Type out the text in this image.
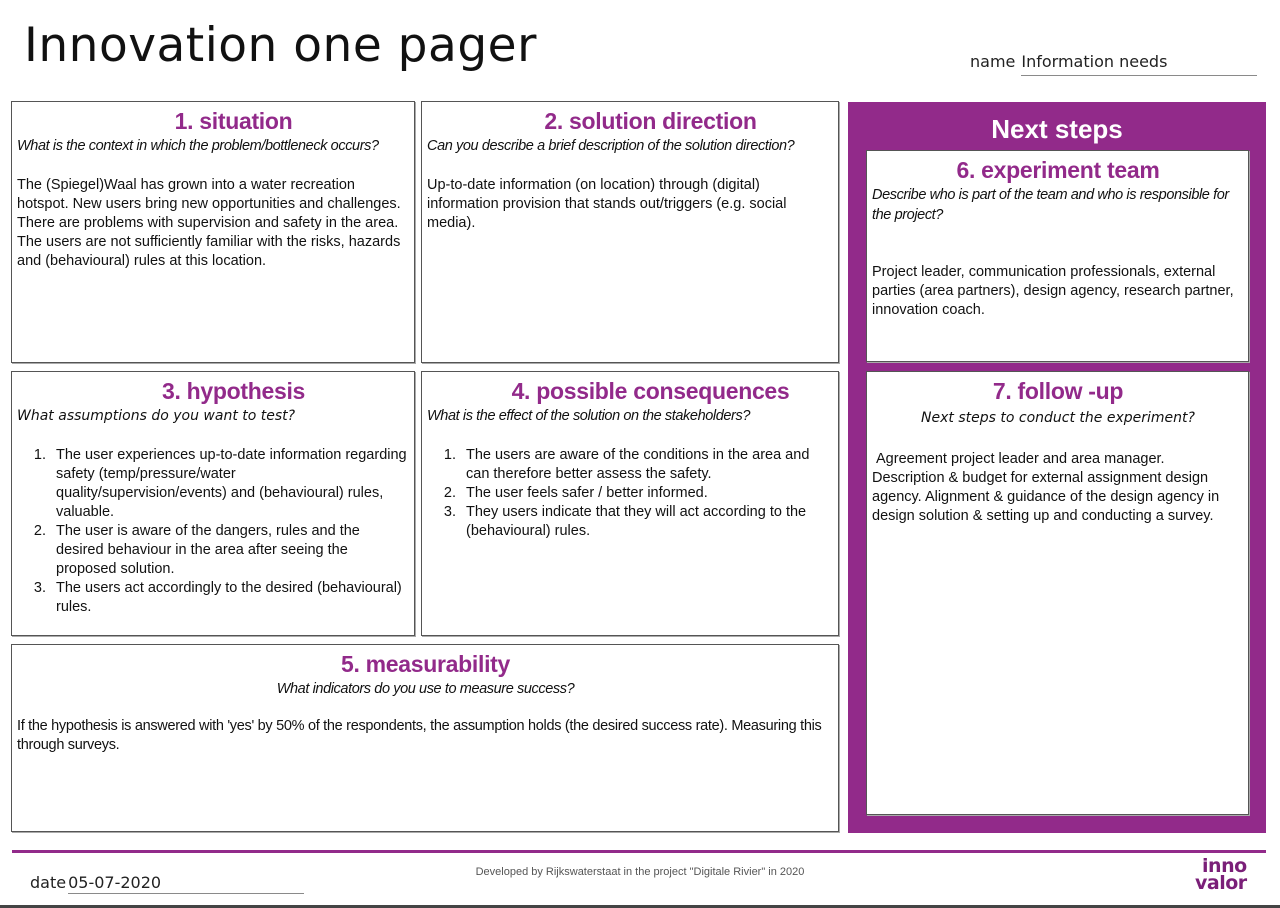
Innovation one pager	name Information needs
1. situation
What is the context in which the problem/bottleneck occurs?
The (Spiegel)Waal has grown into a water recreation hotspot. New users bring new opportunities and challenges. There are problems with supervision and safety in the area. The users are not sufficiently familiar with the risks, hazards and (behavioural) rules at this location.
2. solution direction
Can you describe a brief description of the solution direction?
Up-to-date information (on location) through (digital) information provision that stands out/triggers (e.g. social media).
3. hypothesis
What assumptions do you want to test?
1. The user experiences up-to-date information regarding safety (temp/pressure/water quality/supervision/events) and (behavioural) rules, valuable.
2. The user is aware of the dangers, rules and the desired behaviour in the area after seeing the proposed solution.
3. The users act accordingly to the desired (behavioural) rules.
4. possible consequences
What is the effect of the solution on the stakeholders?
1. The users are aware of the conditions in the area and can therefore better assess the safety.
2. The user feels safer / better informed.
3. They users indicate that they will act according to the (behavioural) rules.
5. measurability
What indicators do you use to measure success?
If the hypothesis is answered with 'yes' by 50% of the respondents, the assumption holds (the desired success rate). Measuring this through surveys.
Next steps
6. experiment team
Describe who is part of the team and who is responsible for the project?
Project leader, communication professionals, external parties (area partners), design agency, research partner, innovation coach.
7. follow -up
Next steps to conduct the experiment?
Agreement project leader and area manager.
Description & budget for external assignment design agency. Alignment & guidance of the design agency in design solution & setting up and conducting a survey.
date 05-07-2020
Developed by Rijkswaterstaat in the project "Digitale Rivier" in 2020	inno
valor
